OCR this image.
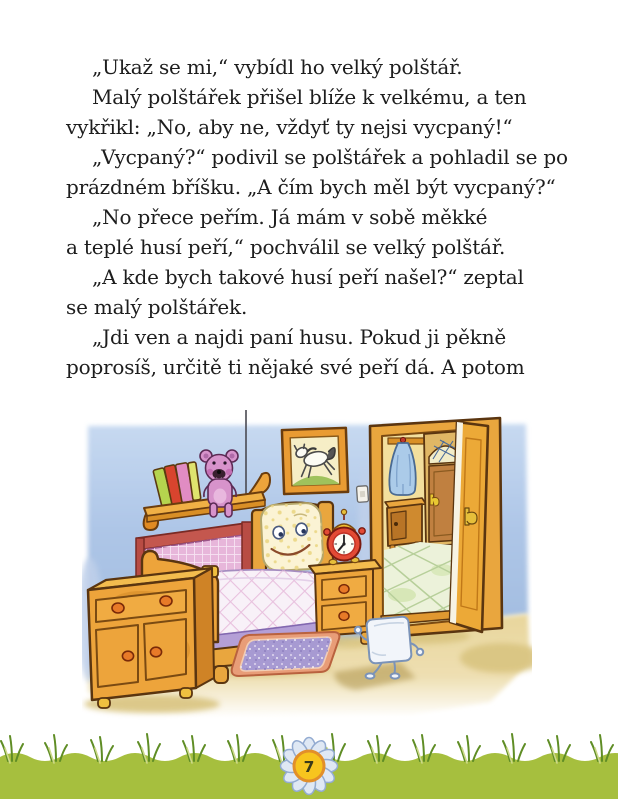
„Ukaž se mi,“ vybídl ho velký polštář.
Malý polštářek přišel blíže k velkému, a ten
vykřikl: „No, aby ne, vždyť ty nejsi vycpaný!“
„Vycpaný?“ podivil se polštářek a pohladil se po
prázdném bříšku. „A čím bych měl být vycpaný?“
„No přece peřím. Já mám v sobě měkké
a teplé husí peří,“ pochválil se velký polštář.
„A kde bych takové husí peří našel?“ zeptal
se malý polštářek.
„Jdi ven a najdi paní husu. Pokud ji pěkně
poprosíš, určitě ti nějaké své peří dá. A potom
7
